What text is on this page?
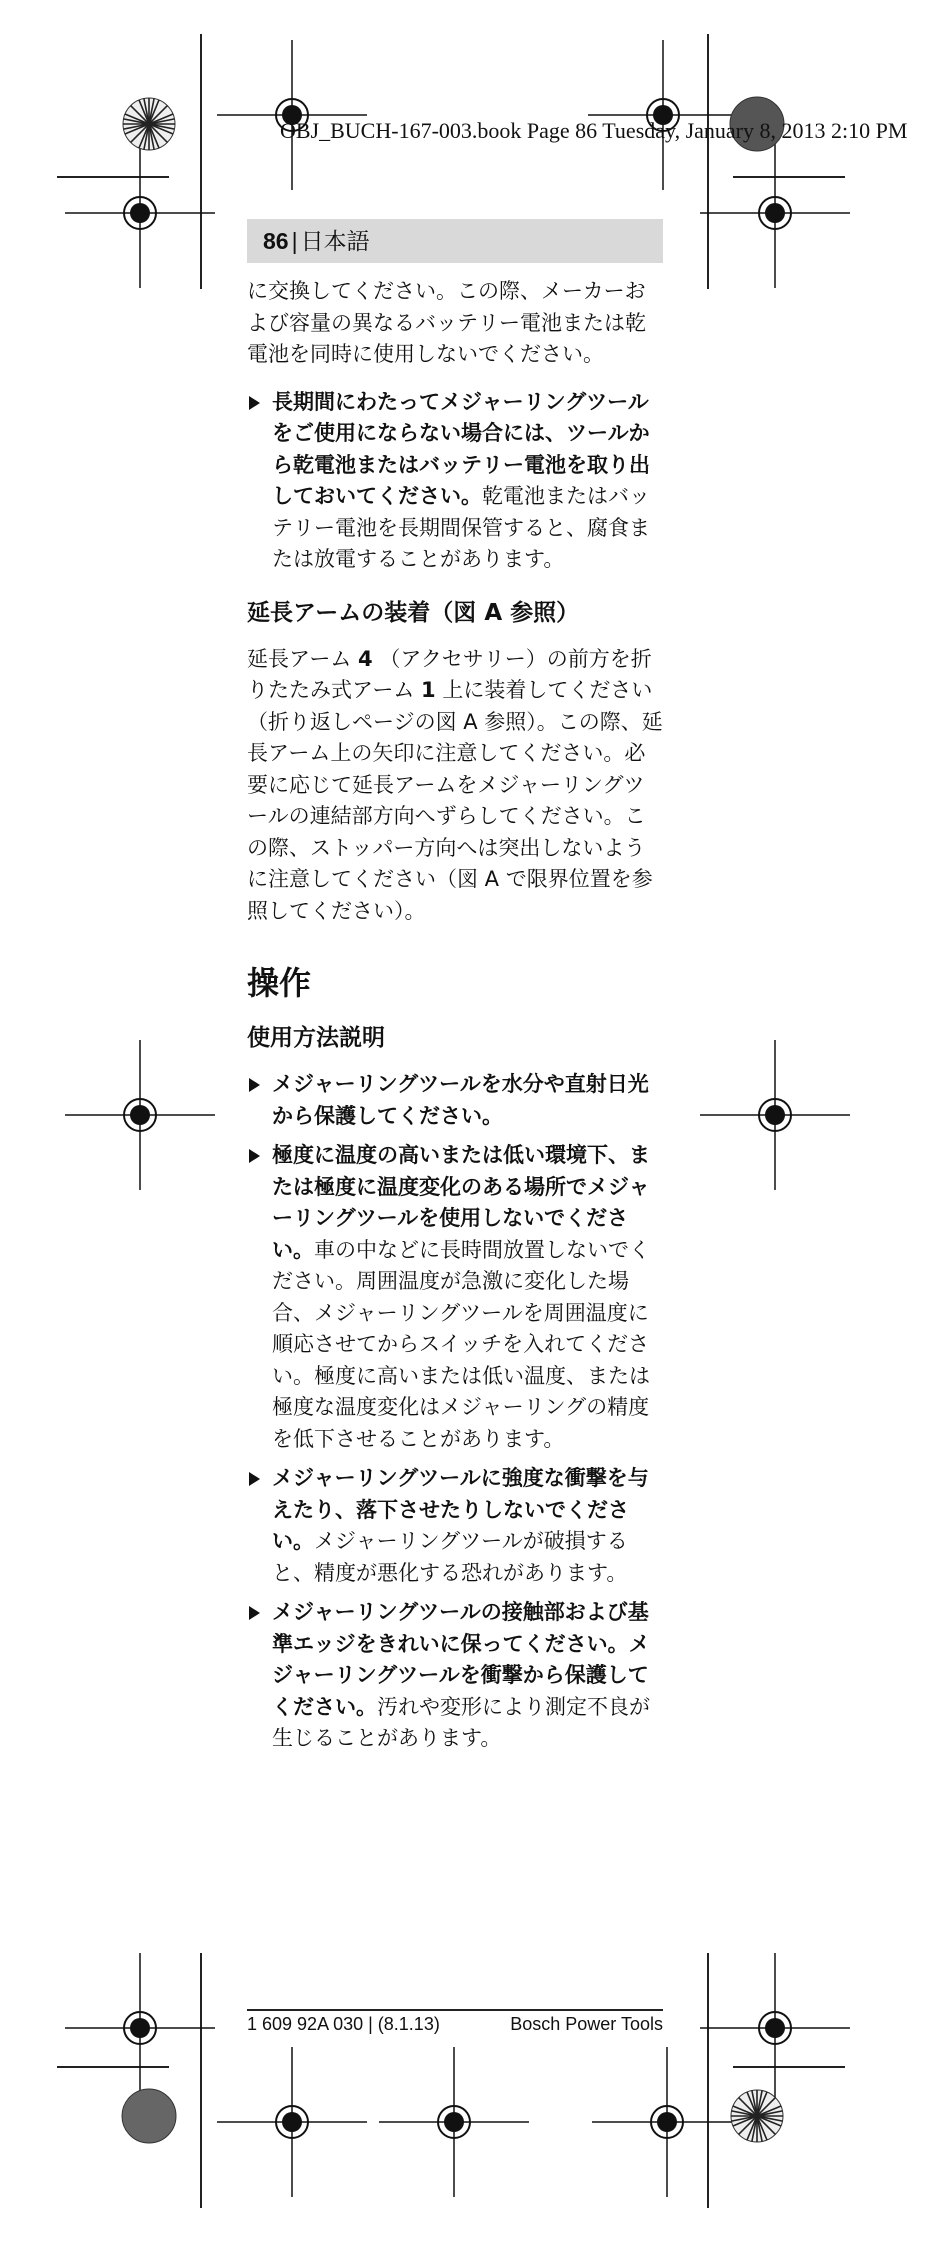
OBJ_BUCH-167-003.book Page 86 Tuesday, January 8, 2013 2:10 PM
86 | 日本語

に交換してください。この際、メーカーおよび容量の異なるバッテリー電池または乾電池を同時に使用しないでください。

長期間にわたってメジャーリングツールをご使用にならない場合には、ツールから乾電池またはバッテリー電池を取り出しておいてください。乾電池またはバッテリー電池を長期間保管すると、腐食または放電することがあります。
延長アームの装着（図 A 参照）

延長アーム 4 （アクセサリー）の前方を折りたたみ式アーム 1 上に装着してください（折り返しページの図 A 参照）。この際、延長アーム上の矢印に注意してください。必要に応じて延長アームをメジャーリングツールの連結部方向へずらしてください。この際、ストッパー方向へは突出しないように注意してください（図 A で限界位置を参照してください）。

操作
使用方法説明
メジャーリングツールを水分や直射日光から保護してください。
極度に温度の高いまたは低い環境下、または極度に温度変化のある場所でメジャーリングツールを使用しないでください。車の中などに長時間放置しないでください。周囲温度が急激に変化した場合、メジャーリングツールを周囲温度に順応させてからスイッチを入れてください。極度に高いまたは低い温度、または極度な温度変化はメジャーリングの精度を低下させることがあります。
メジャーリングツールに強度な衝撃を与えたり、落下させたりしないでください。メジャーリングツールが破損すると、精度が悪化する恐れがあります。
メジャーリングツールの接触部および基準エッジをきれいに保ってください。メジャーリングツールを衝撃から保護してください。汚れや変形により測定不良が生じることがあります。
1 609 92A 030 | (8.1.13)	Bosch Power Tools
